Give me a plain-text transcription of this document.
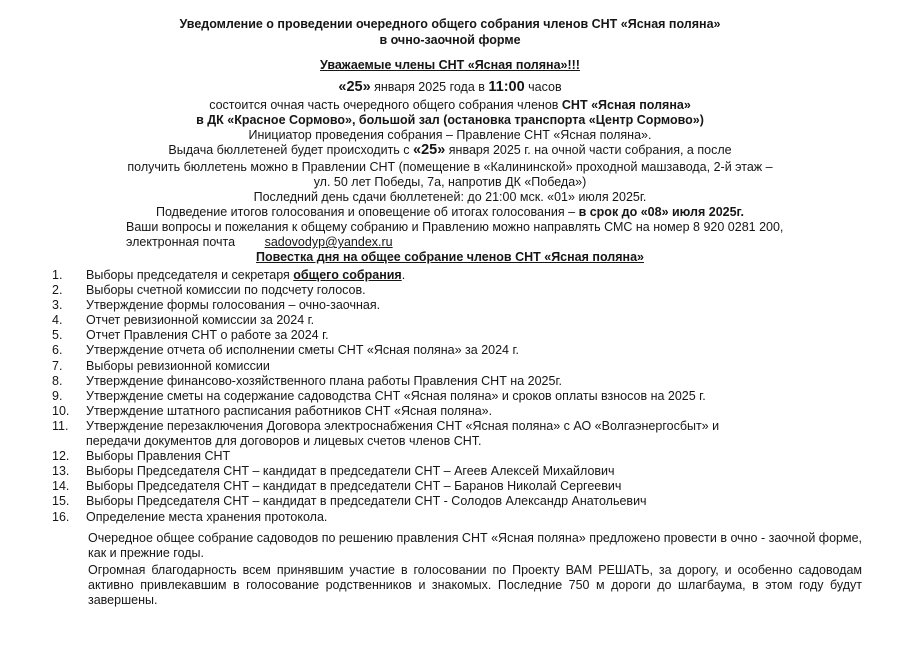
Уведомление о проведении очередного общего собрания членов СНТ «Ясная поляна»
в очно-заочной форме
Уважаемые члены СНТ «Ясная поляна»!!!
«25» января 2025 года в 11:00 часов
состоится очная часть очередного общего собрания членов СНТ «Ясная поляна»
в ДК «Красное Сормово», большой зал (остановка транспорта «Центр Сормово»)
Инициатор проведения собрания – Правление СНТ «Ясная поляна».
Выдача бюллетеней будет происходить с «25» января 2025 г. на очной части собрания, а после
получить бюллетень можно в Правлении СНТ (помещение в «Калининской» проходной машзавода, 2-й этаж –
ул. 50 лет Победы, 7а, напротив ДК «Победа»)
Последний день сдачи бюллетеней: до 21:00 мск. «01» июля 2025г.
Подведение итогов голосования и оповещение об итогах голосования – в срок до «08» июля 2025г.
Ваши вопросы и пожелания к общему собранию и Правлению можно направлять СМС на номер 8 920 0281 200,
электронная почта sadovodyp@yandex.ru
Повестка дня на общее собрание членов СНТ «Ясная поляна»
1.	Выборы председателя и секретаря общего собрания.
2.	Выборы счетной комиссии по подсчету голосов.
3.	Утверждение формы голосования – очно-заочная.
4.	Отчет ревизионной комиссии за 2024 г.
5.	Отчет Правления СНТ о работе за 2024 г.
6.	Утверждение отчета об исполнении сметы СНТ «Ясная поляна» за 2024 г.
7.	Выборы ревизионной комиссии
8.	Утверждение финансово-хозяйственного плана работы Правления СНТ на 2025г.
9.	Утверждение сметы на содержание садоводства СНТ «Ясная поляна» и сроков оплаты взносов на 2025 г.
10.	Утверждение штатного расписания работников СНТ «Ясная поляна».
11.	Утверждение перезаключения Договора электроснабжения СНТ «Ясная поляна» с АО «Волгаэнергосбыт» и
передачи документов для договоров и лицевых счетов членов СНТ.
12.	Выборы Правления СНТ
13.	Выборы Председателя СНТ – кандидат в председатели СНТ – Агеев Алексей Михайлович
14.	Выборы Председателя СНТ – кандидат в председатели СНТ – Баранов Николай Сергеевич
15.	Выборы Председателя СНТ – кандидат в председатели СНТ - Солодов Александр Анатольевич
16.	Определение места хранения протокола.
Очередное общее собрание садоводов по решению правления СНТ «Ясная поляна» предложено провести в очно - заочной форме, как и прежние годы.
Огромная благодарность всем принявшим участие в голосовании по Проекту ВАМ РЕШАТЬ, за дорогу, и особенно садоводам активно привлекавшим в голосование родственников и знакомых. Последние 750 м дороги до шлагбаума, в этом году будут завершены.
